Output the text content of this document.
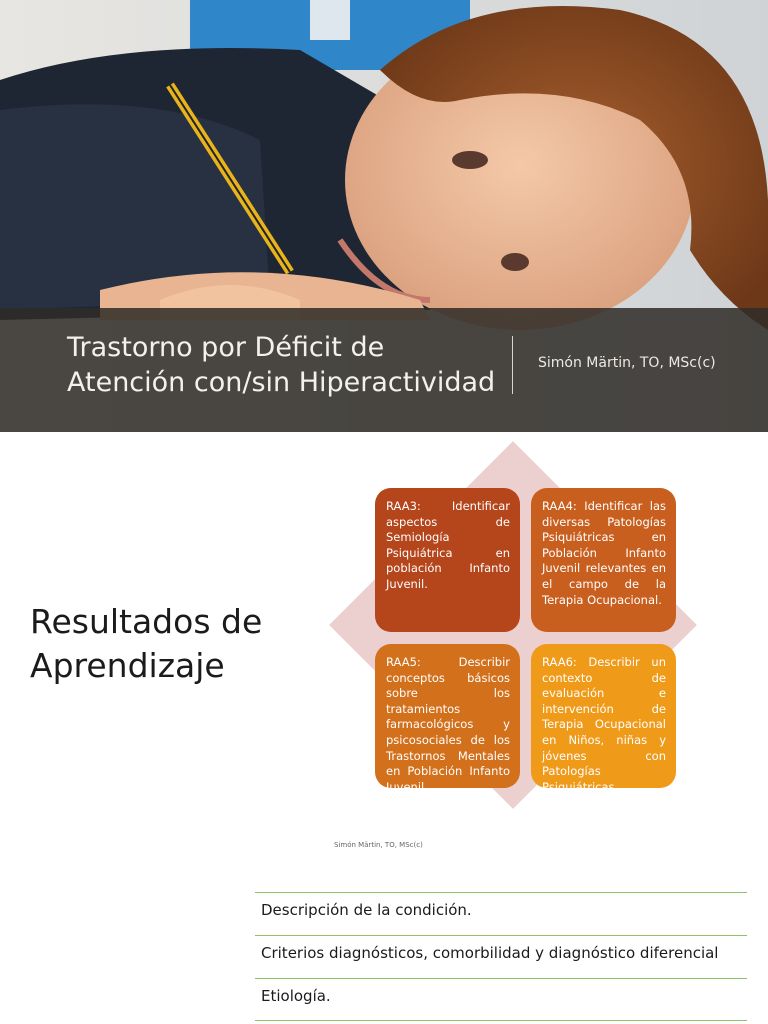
Trastorno por Déficit de
Atención con/sin Hiperactividad
Simón Märtin, TO, MSc(c)
Resultados de
Aprendizaje
RAA3: Identificar aspectos de Semiología Psiquiátrica en población Infanto Juvenil.
RAA4: Identificar las diversas Patologías Psiquiátricas en Población Infanto Juvenil relevantes en el campo de la Terapia Ocupacional.
RAA5: Describir conceptos básicos sobre los tratamientos farmacológicos y psicosociales de los Trastornos Mentales en Población Infanto Juvenil.
RAA6: Describir un contexto de evaluación e intervención de Terapia Ocupacional en Niños, niñas y jóvenes con Patologías Psiquiátricas.
Simón Märtin, TO, MSc(c)
Descripción de la condición.
Criterios diagnósticos, comorbilidad y diagnóstico diferencial
Etiología.
